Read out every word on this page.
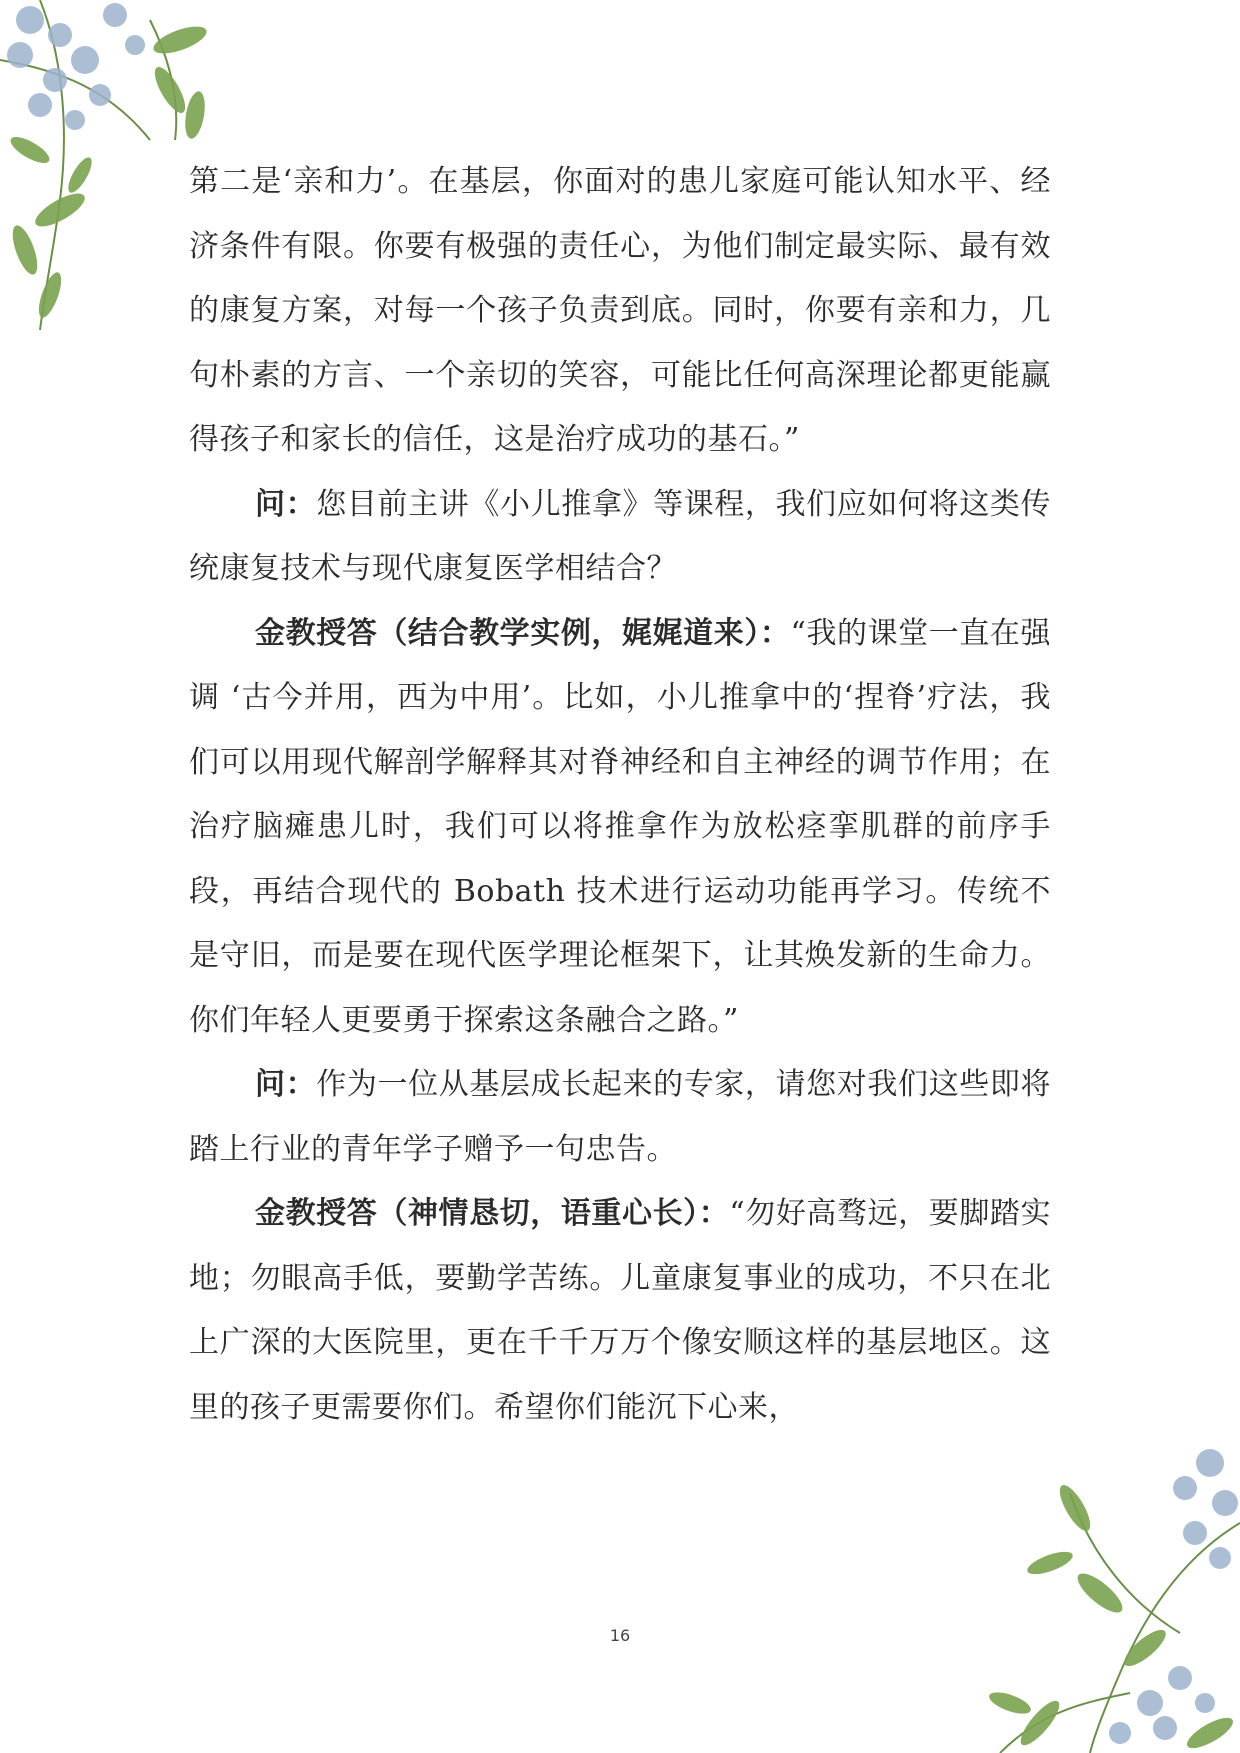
第二是‘亲和力’。在基层，你面对的患儿家庭可能认知水平、经济条件有限。你要有极强的责任心，为他们制定最实际、最有效的康复方案，对每一个孩子负责到底。同时，你要有亲和力，几句朴素的方言、一个亲切的笑容，可能比任何高深理论都更能赢得孩子和家长的信任，这是治疗成功的基石。”

问：您目前主讲《小儿推拿》等课程，我们应如何将这类传统康复技术与现代康复医学相结合？

金教授答（结合教学实例，娓娓道来）：“我的课堂一直在强调 ‘古今并用，西为中用’。比如，小儿推拿中的‘捏脊’疗法，我们可以用现代解剖学解释其对脊神经和自主神经的调节作用；在治疗脑瘫患儿时，我们可以将推拿作为放松痉挛肌群的前序手段，再结合现代的 Bobath 技术进行运动功能再学习。传统不是守旧，而是要在现代医学理论框架下，让其焕发新的生命力。你们年轻人更要勇于探索这条融合之路。”

问：作为一位从基层成长起来的专家，请您对我们这些即将踏上行业的青年学子赠予一句忠告。

金教授答（神情恳切，语重心长）：“勿好高骛远，要脚踏实地；勿眼高手低，要勤学苦练。儿童康复事业的成功，不只在北上广深的大医院里，更在千千万万个像安顺这样的基层地区。这里的孩子更需要你们。希望你们能沉下心来，

16
